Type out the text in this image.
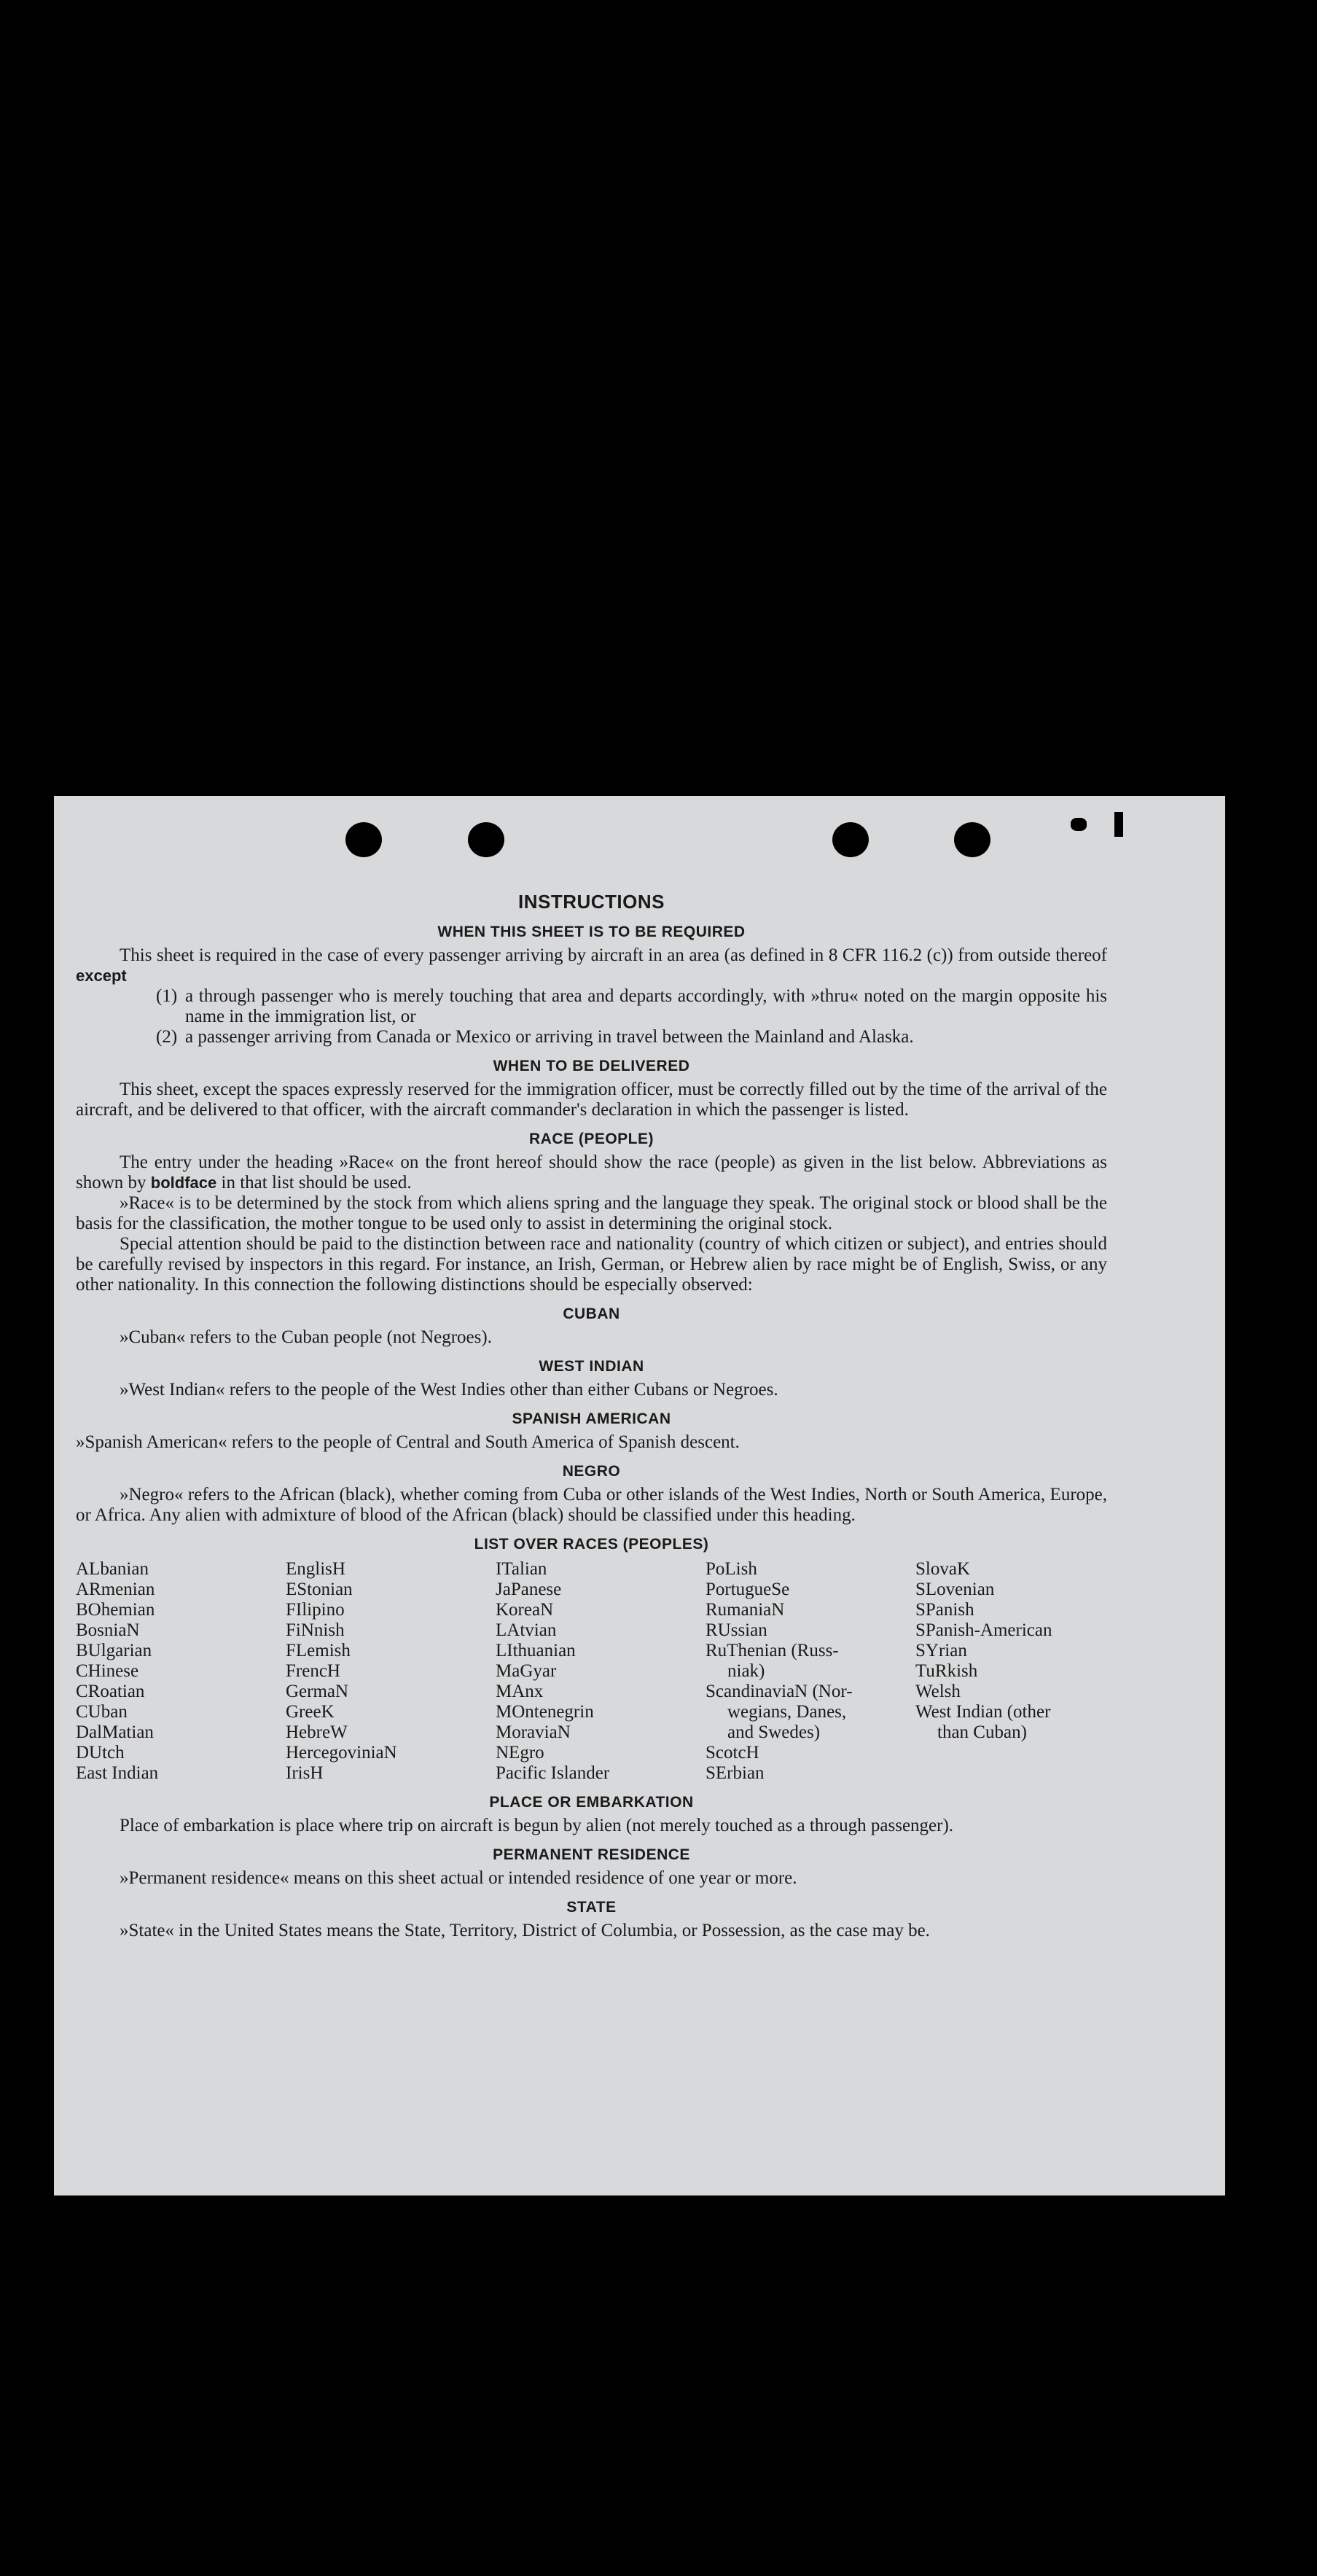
INSTRUCTIONS
WHEN THIS SHEET IS TO BE REQUIRED

This sheet is required in the case of every passenger arriving by aircraft in an area (as defined in 8 CFR 116.2 (c)) from outside thereof except

(1) a through passenger who is merely touching that area and departs accordingly, with »thru« noted on the margin opposite his name in the immigration list, or
(2) a passenger arriving from Canada or Mexico or arriving in travel between the Mainland and Alaska.
WHEN TO BE DELIVERED

This sheet, except the spaces expressly reserved for the immigration officer, must be correctly filled out by the time of the arrival of the aircraft, and be delivered to that officer, with the aircraft commander's declaration in which the passenger is listed.

RACE (PEOPLE)

The entry under the heading »Race« on the front hereof should show the race (people) as given in the list below. Abbreviations as shown by boldface in that list should be used.

»Race« is to be determined by the stock from which aliens spring and the language they speak. The original stock or blood shall be the basis for the classification, the mother tongue to be used only to assist in determining the original stock.

Special attention should be paid to the distinction between race and nationality (country of which citizen or subject), and entries should be carefully revised by inspectors in this regard. For instance, an Irish, German, or Hebrew alien by race might be of English, Swiss, or any other nationality. In this connection the following distinctions should be especially observed:

CUBAN

»Cuban« refers to the Cuban people (not Negroes).

WEST INDIAN

»West Indian« refers to the people of the West Indies other than either Cubans or Negroes.

SPANISH AMERICAN

»Spanish American« refers to the people of Central and South America of Spanish descent.

NEGRO

»Negro« refers to the African (black), whether coming from Cuba or other islands of the West Indies, North or South America, Europe, or Africa. Any alien with admixture of blood of the African (black) should be classified under this heading.

LIST OVER RACES (PEOPLES)
ALbanian
ARmenian
BOhemian
BosniaN
BUlgarian
CHinese
CRoatian
CUban
DalMatian
DUtch
East Indian
EnglisH
EStonian
FIlipino
FiNnish
FLemish
FrencH
GermaN
GreeK
HebreW
HercegoviniaN
IrisH
ITalian
JaPanese
KoreaN
LAtvian
LIthuanian
MaGyar
MAnx
MOntenegrin
MoraviaN
NEgro
Pacific Islander
PoLish
PortugueSe
RumaniaN
RUssian
RuThenian (Russ-
niak)
ScandinaviaN (Nor-
wegians, Danes,
and Swedes)
ScotcH
SErbian
SlovaK
SLovenian
SPanish
SPanish-American
SYrian
TuRkish
Welsh
West Indian (other
than Cuban)
PLACE OR EMBARKATION

Place of embarkation is place where trip on aircraft is begun by alien (not merely touched as a through passenger).

PERMANENT RESIDENCE

»Permanent residence« means on this sheet actual or intended residence of one year or more.

STATE

»State« in the United States means the State, Territory, District of Columbia, or Possession, as the case may be.
